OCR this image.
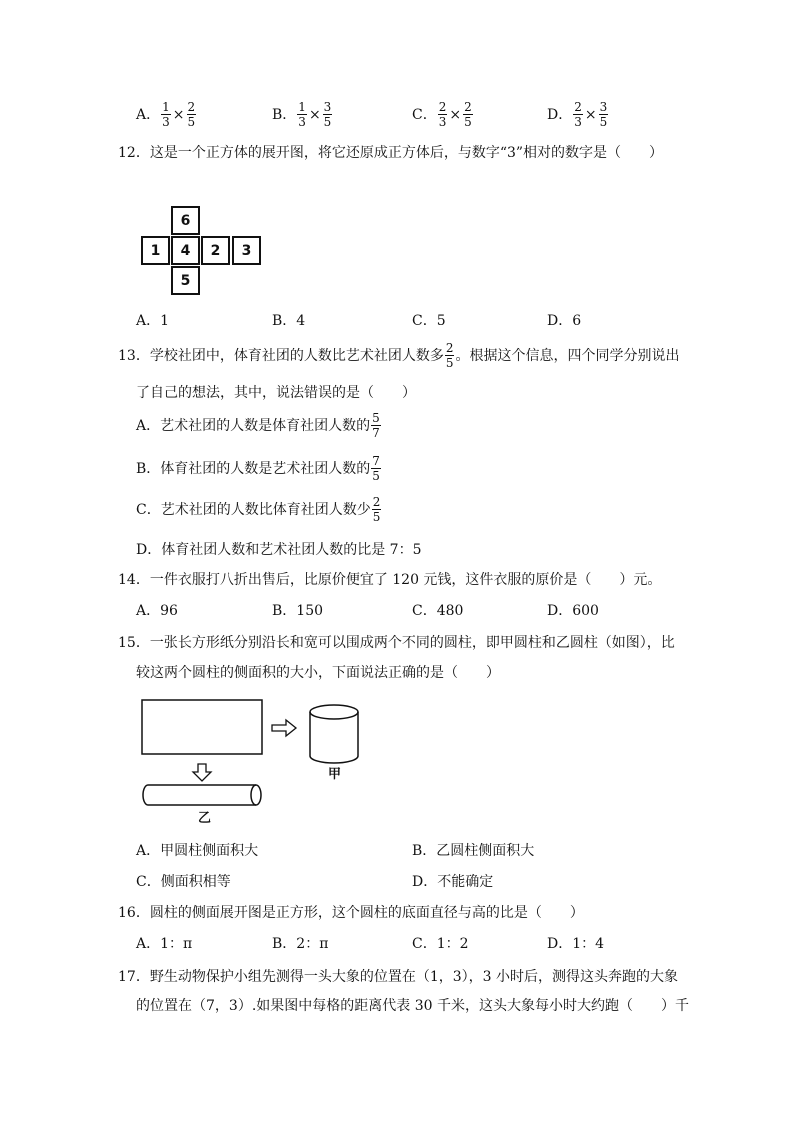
A． $\frac{1}{3} \times \frac{2}{5}$	B． $\frac{1}{3} \times \frac{3}{5}$	C． $\frac{2}{3} \times \frac{2}{5}$	D． $\frac{2}{3} \times \frac{3}{5}$
12．这是一个正方体的展开图，将它还原成正方体后，与数字“3”相对的数字是（　　）
6
1	4	2	3
5
A．1	B．4	C．5	D．6
13．学校社团中，体育社团的人数比艺术社团人数多 $\frac{2}{5}$ 。根据这个信息，四个同学分别说出
了自己的想法，其中，说法错误的是（　　）
A．艺术社团的人数是体育社团人数的 $\frac{5}{7}$
B．体育社团的人数是艺术社团人数的 $\frac{7}{5}$
C．艺术社团的人数比体育社团人数少 $\frac{2}{5}$
D．体育社团人数和艺术社团人数的比是 7：5
14．一件衣服打八折出售后，比原价便宜了 120 元钱，这件衣服的原价是（　　）元。
A．96	B．150	C．480	D．600
15．一张长方形纸分别沿长和宽可以围成两个不同的圆柱，即甲圆柱和乙圆柱（如图），比
较这两个圆柱的侧面积的大小，下面说法正确的是（　　）
甲
乙
A．甲圆柱侧面积大	B．乙圆柱侧面积大
C．侧面积相等	D．不能确定
16．圆柱的侧面展开图是正方形，这个圆柱的底面直径与高的比是（　　）
A．1：π	B．2：π	C．1：2	D．1：4
17．野生动物保护小组先测得一头大象的位置在（1，3），3 小时后，测得这头奔跑的大象
的位置在（7，3）.如果图中每格的距离代表 30 千米，这头大象每小时大约跑（　　）千
